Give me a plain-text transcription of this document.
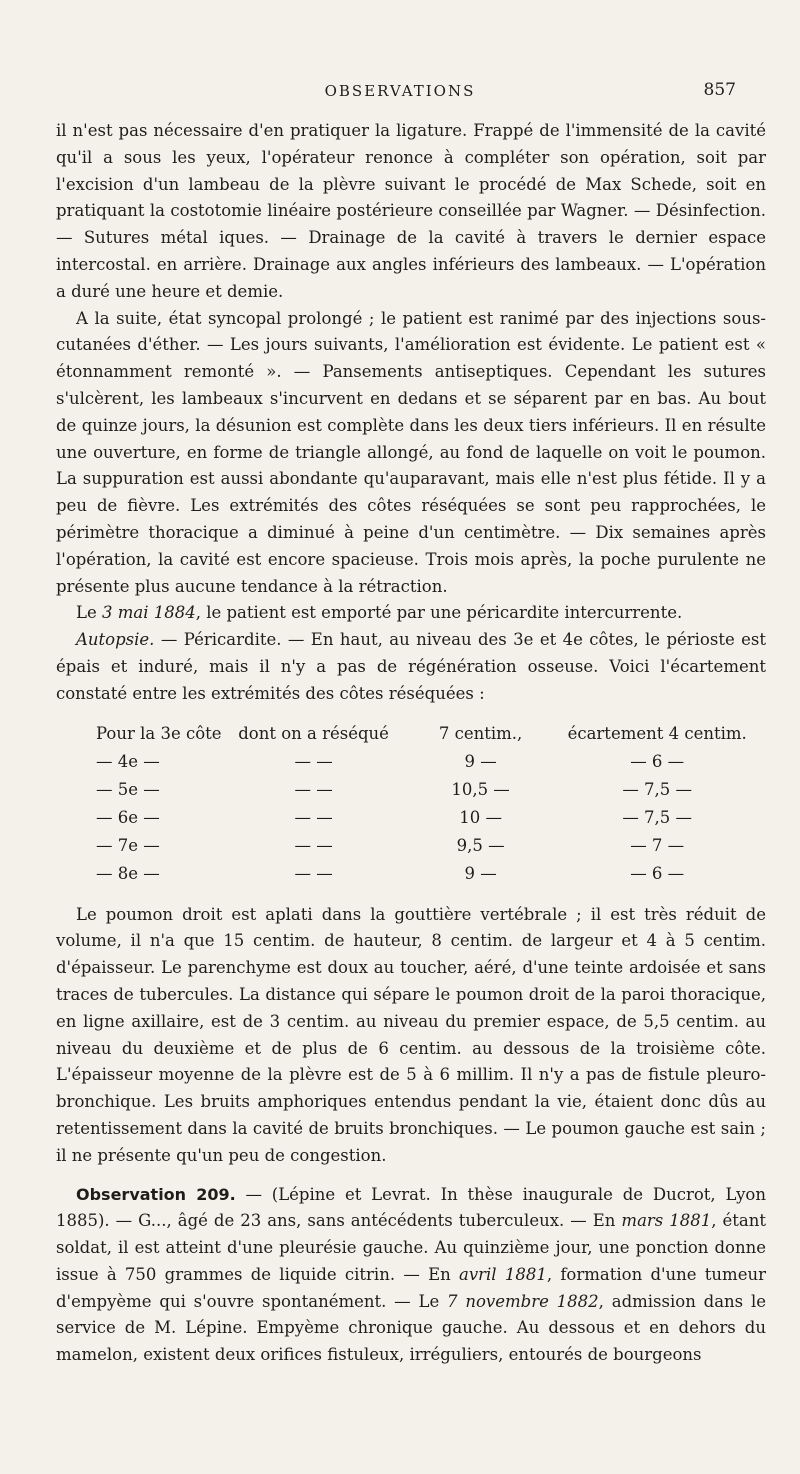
OBSERVATIONS	857

il n'est pas nécessaire d'en pratiquer la ligature. Frappé de l'immensité de la cavité qu'il a sous les yeux, l'opérateur renonce à compléter son opération, soit par l'excision d'un lambeau de la plèvre suivant le procédé de Max Schede, soit en pratiquant la costotomie linéaire postérieure conseillée par Wagner. — Désinfection. — Sutures métal iques. — Drainage de la cavité à travers le dernier espace intercostal. en arrière. Drainage aux angles inférieurs des lambeaux. — L'opération a duré une heure et demie.

A la suite, état syncopal prolongé ; le patient est ranimé par des injections sous-cutanées d'éther. — Les jours suivants, l'amélioration est évidente. Le patient est « étonnamment remonté ». — Pansements antiseptiques. Cependant les sutures s'ulcèrent, les lambeaux s'incurvent en dedans et se séparent par en bas. Au bout de quinze jours, la désunion est complète dans les deux tiers inférieurs. Il en résulte une ouverture, en forme de triangle allongé, au fond de laquelle on voit le poumon. La suppuration est aussi abondante qu'auparavant, mais elle n'est plus fétide. Il y a peu de fièvre. Les extrémités des côtes réséquées se sont peu rapprochées, le périmètre thoracique a diminué à peine d'un centimètre. — Dix semaines après l'opération, la cavité est encore spacieuse. Trois mois après, la poche purulente ne présente plus aucune tendance à la rétraction.

Le 3 mai 1884, le patient est emporté par une péricardite intercurrente.

Autopsie. — Péricardite. — En haut, au niveau des 3e et 4e côtes, le périoste est épais et induré, mais il n'y a pas de régénération osseuse. Voici l'écartement constaté entre les extrémités des côtes réséquées :

Pour la 3e côte	dont on a réséqué	7 centim.,	écartement 4 centim.
— 4e —	— —	9 —	— 6 —
— 5e —	— —	10,5 —	— 7,5 —
— 6e —	— —	10 —	— 7,5 —
— 7e —	— —	9,5 —	— 7 —
— 8e —	— —	9 —	— 6 —

Le poumon droit est aplati dans la gouttière vertébrale ; il est très réduit de volume, il n'a que 15 centim. de hauteur, 8 centim. de largeur et 4 à 5 centim. d'épaisseur. Le parenchyme est doux au toucher, aéré, d'une teinte ardoisée et sans traces de tubercules. La distance qui sépare le poumon droit de la paroi thoracique, en ligne axillaire, est de 3 centim. au niveau du premier espace, de 5,5 centim. au niveau du deuxième et de plus de 6 centim. au dessous de la troisième côte. L'épaisseur moyenne de la plèvre est de 5 à 6 millim. Il n'y a pas de fistule pleuro-bronchique. Les bruits amphoriques entendus pendant la vie, étaient donc dûs au retentissement dans la cavité de bruits bronchiques. — Le poumon gauche est sain ; il ne présente qu'un peu de congestion.

Observation 209. — (Lépine et Levrat. In thèse inaugurale de Ducrot, Lyon 1885). — G..., âgé de 23 ans, sans antécédents tuberculeux. — En mars 1881, étant soldat, il est atteint d'une pleurésie gauche. Au quinzième jour, une ponction donne issue à 750 grammes de liquide citrin. — En avril 1881, formation d'une tumeur d'empyème qui s'ouvre spontanément. — Le 7 novembre 1882, admission dans le service de M. Lépine. Empyème chronique gauche. Au dessous et en dehors du mamelon, existent deux orifices fistuleux, irréguliers, entourés de bourgeons
